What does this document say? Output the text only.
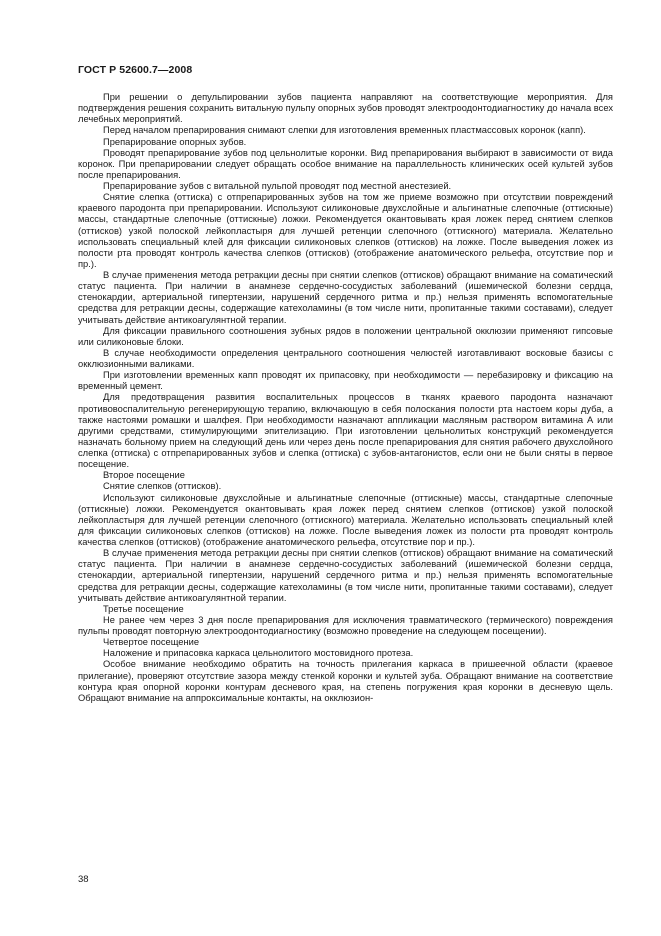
ГОСТ Р 52600.7—2008

При решении о депульпировании зубов пациента направляют на соответствующие мероприятия. Для подтверждения решения сохранить витальную пульпу опорных зубов проводят электроодонтодиагностику до начала всех лечебных мероприятий.

Перед началом препарирования снимают слепки для изготовления временных пластмассовых коронок (капп).

Препарирование опорных зубов.

Проводят препарирование зубов под цельнолитые коронки. Вид препарирования выбирают в зависимости от вида коронок. При препарировании следует обращать особое внимание на параллельность клинических осей культей зубов после препарирования.

Препарирование зубов с витальной пульпой проводят под местной анестезией.

Снятие слепка (оттиска) с отпрепарированных зубов на том же приеме возможно при отсутствии повреждений краевого пародонта при препарировании. Используют силиконовые двухслойные и альгинатные слепочные (оттискные) массы, стандартные слепочные (оттискные) ложки. Рекомендуется окантовывать края ложек перед снятием слепков (оттисков) узкой полоской лейкопластыря для лучшей ретенции слепочного (оттискного) материала. Желательно использовать специальный клей для фиксации силиконовых слепков (оттисков) на ложке. После выведения ложек из полости рта проводят контроль качества слепков (оттисков) (отображение анатомического рельефа, отсутствие пор и пр.).

В случае применения метода ретракции десны при снятии слепков (оттисков) обращают внимание на соматический статус пациента. При наличии в анамнезе сердечно-сосудистых заболеваний (ишемической болезни сердца, стенокардии, артериальной гипертензии, нарушений сердечного ритма и пр.) нельзя применять вспомогательные средства для ретракции десны, содержащие катехоламины (в том числе нити, пропитанные такими составами), следует учитывать действие антикоагулянтной терапии.

Для фиксации правильного соотношения зубных рядов в положении центральной окклюзии применяют гипсовые или силиконовые блоки.

В случае необходимости определения центрального соотношения челюстей изготавливают восковые базисы с окклюзионными валиками.

При изготовлении временных капп проводят их припасовку, при необходимости — перебазировку и фиксацию на временный цемент.

Для предотвращения развития воспалительных процессов в тканях краевого пародонта назначают противовоспалительную регенерирующую терапию, включающую в себя полоскания полости рта настоем коры дуба, а также настоями ромашки и шалфея. При необходимости назначают аппликации масляным раствором витамина А или другими средствами, стимулирующими эпителизацию. При изготовлении цельнолитых конструкций рекомендуется назначать больному прием на следующий день или через день после препарирования для снятия рабочего двухслойного слепка (оттиска) с отпрепарированных зубов и слепка (оттиска) с зубов-антагонистов, если они не были сняты в первое посещение.

Второе посещение

Снятие слепков (оттисков).

Используют силиконовые двухслойные и альгинатные слепочные (оттискные) массы, стандартные слепочные (оттискные) ложки. Рекомендуется окантовывать края ложек перед снятием слепков (оттисков) узкой полоской лейкопластыря для лучшей ретенции слепочного (оттискного) материала. Желательно использовать специальный клей для фиксации силиконовых слепков (оттисков) на ложке. После выведения ложек из полости рта проводят контроль качества слепков (оттисков) (отображение анатомического рельефа, отсутствие пор и пр.).

В случае применения метода ретракции десны при снятии слепков (оттисков) обращают внимание на соматический статус пациента. При наличии в анамнезе сердечно-сосудистых заболеваний (ишемической болезни сердца, стенокардии, артериальной гипертензии, нарушений сердечного ритма и пр.) нельзя применять вспомогательные средства для ретракции десны, содержащие катехоламины (в том числе нити, пропитанные такими составами), следует учитывать действие антикоагулянтной терапии.

Третье посещение

Не ранее чем через 3 дня после препарирования для исключения травматического (термического) повреждения пульпы проводят повторную электроодонтодиагностику (возможно проведение на следующем посещении).

Четвертое посещение

Наложение и припасовка каркаса цельнолитого мостовидного протеза.

Особое внимание необходимо обратить на точность прилегания каркаса в пришеечной области (краевое прилегание), проверяют отсутствие зазора между стенкой коронки и культей зуба. Обращают внимание на соответствие контура края опорной коронки контурам десневого края, на степень погружения края коронки в десневую щель. Обращают внимание на аппроксимальные контакты, на окклюзион-

38
